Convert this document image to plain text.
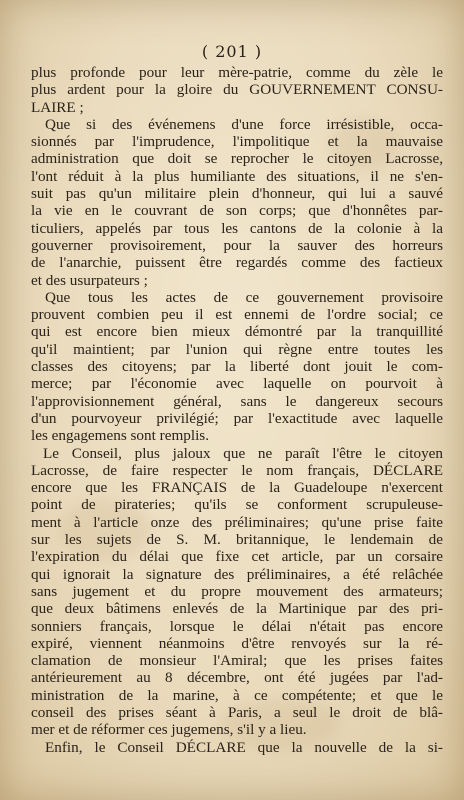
( 201 )
plus profonde pour leur mère-patrie, comme du zèle le
plus ardent pour la gloire du GOUVERNEMENT CONSU-
LAIRE ;
Que si des événemens d'une force irrésistible, occa-
sionnés par l'imprudence, l'impolitique et la mauvaise
administration que doit se reprocher le citoyen Lacrosse,
l'ont réduit à la plus humiliante des situations, il ne s'en-
suit pas qu'un militaire plein d'honneur, qui lui a sauvé
la vie en le couvrant de son corps; que d'honnêtes par-
ticuliers, appelés par tous les cantons de la colonie à la
gouverner provisoirement, pour la sauver des horreurs
de l'anarchie, puissent être regardés comme des factieux
et des usurpateurs ;
Que tous les actes de ce gouvernement provisoire
prouvent combien peu il est ennemi de l'ordre social; ce
qui est encore bien mieux démontré par la tranquillité
qu'il maintient; par l'union qui règne entre toutes les
classes des citoyens; par la liberté dont jouit le com-
merce; par l'économie avec laquelle on pourvoit à
l'approvisionnement général, sans le dangereux secours
d'un pourvoyeur privilégié; par l'exactitude avec laquelle
les engagemens sont remplis.
Le Conseil, plus jaloux que ne paraît l'être le citoyen
Lacrosse, de faire respecter le nom français, DÉCLARE
encore que les FRANÇAIS de la Guadeloupe n'exercent
point de pirateries; qu'ils se conforment scrupuleuse-
ment à l'article onze des préliminaires; qu'une prise faite
sur les sujets de S. M. britannique, le lendemain de
l'expiration du délai que fixe cet article, par un corsaire
qui ignorait la signature des préliminaires, a été relâchée
sans jugement et du propre mouvement des armateurs;
que deux bâtimens enlevés de la Martinique par des pri-
sonniers français, lorsque le délai n'était pas encore
expiré, viennent néanmoins d'être renvoyés sur la ré-
clamation de monsieur l'Amiral; que les prises faites
antérieurement au 8 décembre, ont été jugées par l'ad-
ministration de la marine, à ce compétente; et que le
conseil des prises séant à Paris, a seul le droit de blâ-
mer et de réformer ces jugemens, s'il y a lieu.
Enfin, le Conseil DÉCLARE que la nouvelle de la si-
